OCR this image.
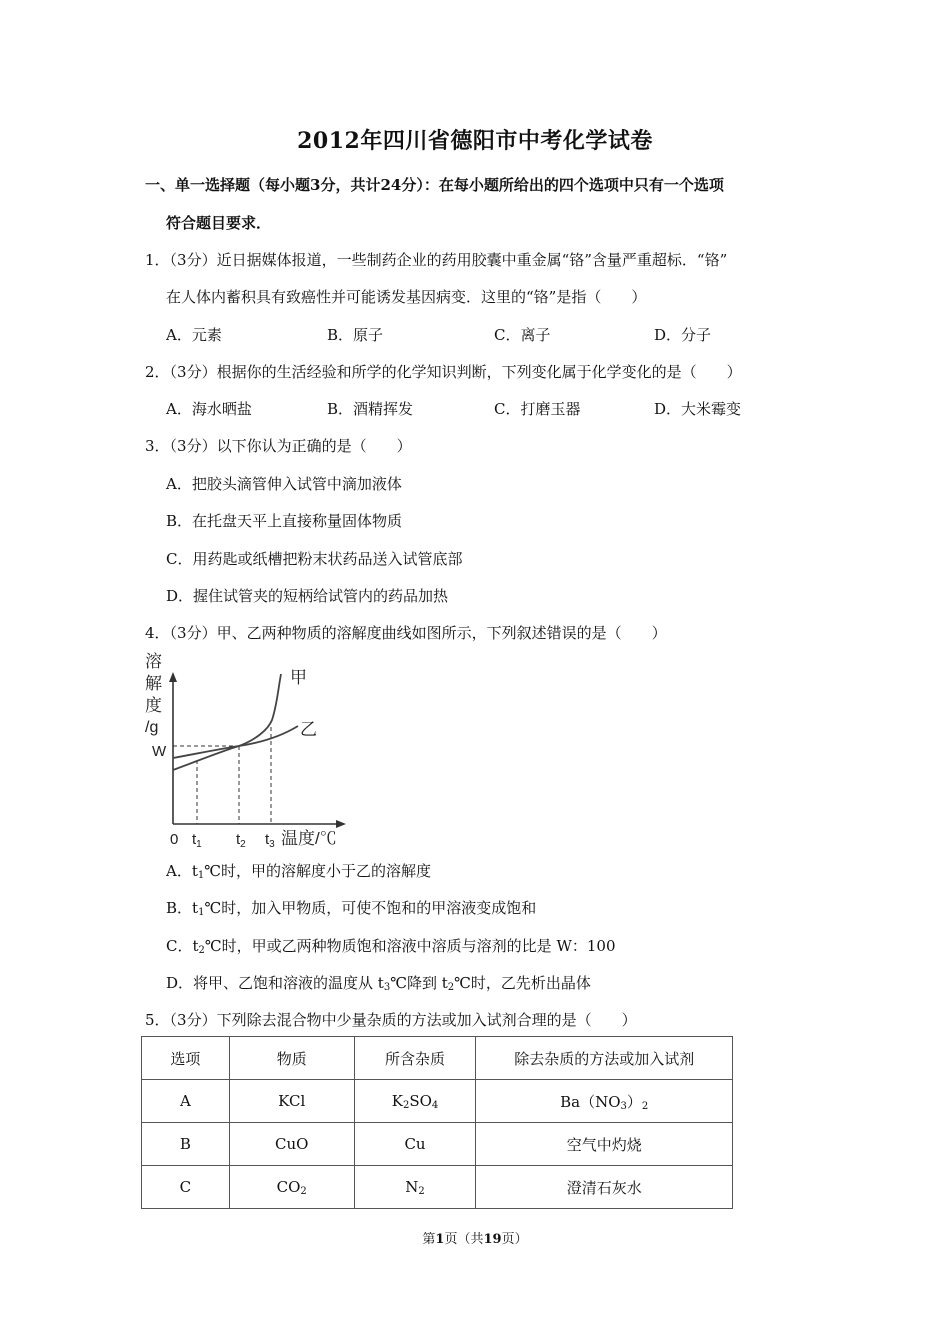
2012年四川省德阳市中考化学试卷
一、单一选择题（每小题3分，共计24分）：在每小题所给出的四个选项中只有一个选项
符合题目要求．
1．（3分）近日据媒体报道，一些制药企业的药用胶囊中重金属“铬”含量严重超标．“铬”
在人体内蓄积具有致癌性并可能诱发基因病变．这里的“铬”是指（　　）
A．元素	B．原子	C．离子	D．分子
2．（3分）根据你的生活经验和所学的化学知识判断，下列变化属于化学变化的是（　　）
A．海水晒盐	B．酒精挥发	C．打磨玉器	D．大米霉变
3．（3分）以下你认为正确的是（　　）
A．把胶头滴管伸入试管中滴加液体
B．在托盘天平上直接称量固体物质
C．用药匙或纸槽把粉末状药品送入试管底部
D．握住试管夹的短柄给试管内的药品加热
4．（3分）甲、乙两种物质的溶解度曲线如图所示，下列叙述错误的是（　　）
溶
解
度
/g
W
0 $t_1$ $t_2$ $t_3$ 温度/℃
甲
乙
A．$t_1℃$时，甲的溶解度小于乙的溶解度
B．$t_1℃$时，加入甲物质，可使不饱和的甲溶液变成饱和
C．$t_2℃$时，甲或乙两种物质饱和溶液中溶质与溶剂的比是 W：100
D．将甲、乙饱和溶液的温度从 $t_3℃$降到 $t_2℃$时，乙先析出晶体
5．（3分）下列除去混合物中少量杂质的方法或加入试剂合理的是（　　）
选项	物质	所含杂质	除去杂质的方法或加入试剂
A	KCl	$K_2SO_4$	$Ba(NO_3)_2$
B	CuO	Cu	空气中灼烧
C	$CO_2$	$N_2$	澄清石灰水
第1页（共19页）
